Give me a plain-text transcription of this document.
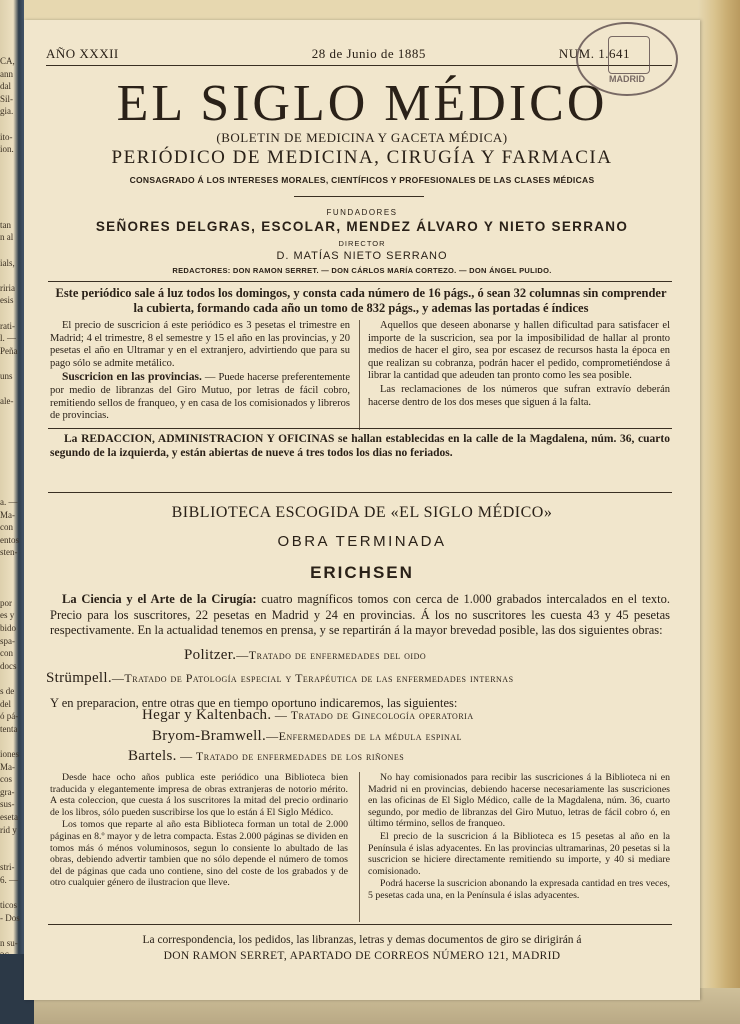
CA,
ann
dal
Sil-
gia.
ito-
ion.
tan
n al
ials,
riria
esis
rati-
l. —
Peña
uns
ale-
a. —
Ma-
con
entos
sten-
por
es y
bido
spa-
con
docs
s de
del
ó pá-
tenta
iones
Ma-
cos
gra-
sus-
eseta
rid y
stri-
6. —
ticos
- Dos
n su-
AÑO XXXII	28 de Junio de 1885	NUM. 1.641
MADRID
EL SIGLO MÉDICO
(BOLETIN DE MEDICINA Y GACETA MÉDICA)
PERIÓDICO DE MEDICINA, CIRUGÍA Y FARMACIA
CONSAGRADO Á LOS INTERESES MORALES, CIENTÍFICOS Y PROFESIONALES DE LAS CLASES MÉDICAS
FUNDADORES
SEÑORES DELGRAS, ESCOLAR, MENDEZ ÁLVARO Y NIETO SERRANO
DIRECTOR
D. MATÍAS NIETO SERRANO
REDACTORES: DON RAMON SERRET. — DON CÁRLOS MARÍA CORTEZO. — DON ÁNGEL PULIDO.
Este periódico sale á luz todos los domingos, y consta cada número de 16 págs., ó sean 32 columnas sin comprender la cubierta, formando cada año un tomo de 832 págs., y ademas las portadas é índices

El precio de suscricion á este periódico es 3 pesetas el trimestre en Madrid; 4 el trimestre, 8 el semestre y 15 el año en las provincias, y 20 pesetas el año en Ultramar y en el extranjero, advirtiendo que para su pago sólo se admite metálico.

Suscricion en las provincias. — Puede hacerse preferentemente por medio de libranzas del Giro Mutuo, por letras de fácil cobro, remitiendo sellos de franqueo, y en casa de los comisionados y libreros de provincias.

Aquellos que deseen abonarse y hallen dificultad para satisfacer el importe de la suscricion, sea por la imposibilidad de hallar al pronto medios de hacer el giro, sea por escasez de recursos hasta la época en que realizan su cobranza, podrán hacer el pedido, comprometiéndose á librar la cantidad que adeuden tan pronto como les sea posible.

Las reclamaciones de los números que sufran extravío deberán hacerse dentro de los dos meses que siguen á la falta.

La REDACCION, ADMINISTRACION Y OFICINAS se hallan establecidas en la calle de la Magdalena, núm. 36, cuarto segundo de la izquierda, y están abiertas de nueve á tres todos los dias no feriados.
BIBLIOTECA ESCOGIDA DE «EL SIGLO MÉDICO»
OBRA TERMINADA
ERICHSEN
La Ciencia y el Arte de la Cirugía: cuatro magníficos tomos con cerca de 1.000 grabados intercalados en el texto. Precio para los suscritores, 22 pesetas en Madrid y 24 en provincias. Á los no suscritores les cuesta 43 y 45 pesetas respectivamente. En la actualidad tenemos en prensa, y se repartirán á la mayor brevedad posible, las dos siguientes obras:
Politzer.—Tratado de enfermedades del oido
Strümpell.—Tratado de Patología especial y Terapéutica de las enfermedades internas
Y en preparacion, entre otras que en tiempo oportuno indicaremos, las siguientes:
Hegar y Kaltenbach. — Tratado de Ginecología operatoria
Bryom-Bramwell.—Enfermedades de la médula espinal
Bartels. — Tratado de enfermedades de los riñones

Desde hace ocho años publica este periódico una Biblioteca bien traducida y elegantemente impresa de obras extranjeras de notorio mérito. A esta coleccion, que cuesta á los suscritores la mitad del precio ordinario de los libros, sólo pueden suscribirse los que lo están á El Siglo Médico.

Los tomos que reparte al año esta Biblioteca forman un total de 2.000 páginas en 8.º mayor y de letra compacta. Estas 2.000 páginas se dividen en tomos más ó ménos voluminosos, segun lo consiente lo abultado de las obras, debiendo advertir tambien que no sólo depende el número de tomos del de páginas que cada uno contiene, sino del coste de los grabados y de otro cualquier género de ilustracion que lleve.

No hay comisionados para recibir las suscriciones á la Biblioteca ni en Madrid ni en provincias, debiendo hacerse necesariamente las suscriciones en las oficinas de El Siglo Médico, calle de la Magdalena, núm. 36, cuarto segundo, por medio de libranzas del Giro Mutuo, letras de fácil cobro ó, en último término, sellos de franqueo.

El precio de la suscricion á la Biblioteca es 15 pesetas al año en la Península é islas adyacentes. En las provincias ultramarinas, 20 pesetas si la suscricion se hiciere directamente remitiendo su importe, y 40 si mediare comisionado.

Podrá hacerse la suscricion abonando la expresada cantidad en tres veces, 5 pesetas cada una, en la Península é islas adyacentes.

La correspondencia, los pedidos, las libranzas, letras y demas documentos de giro se dirigirán á
DON RAMON SERRET, APARTADO DE CORREOS NÚMERO 121, MADRID
